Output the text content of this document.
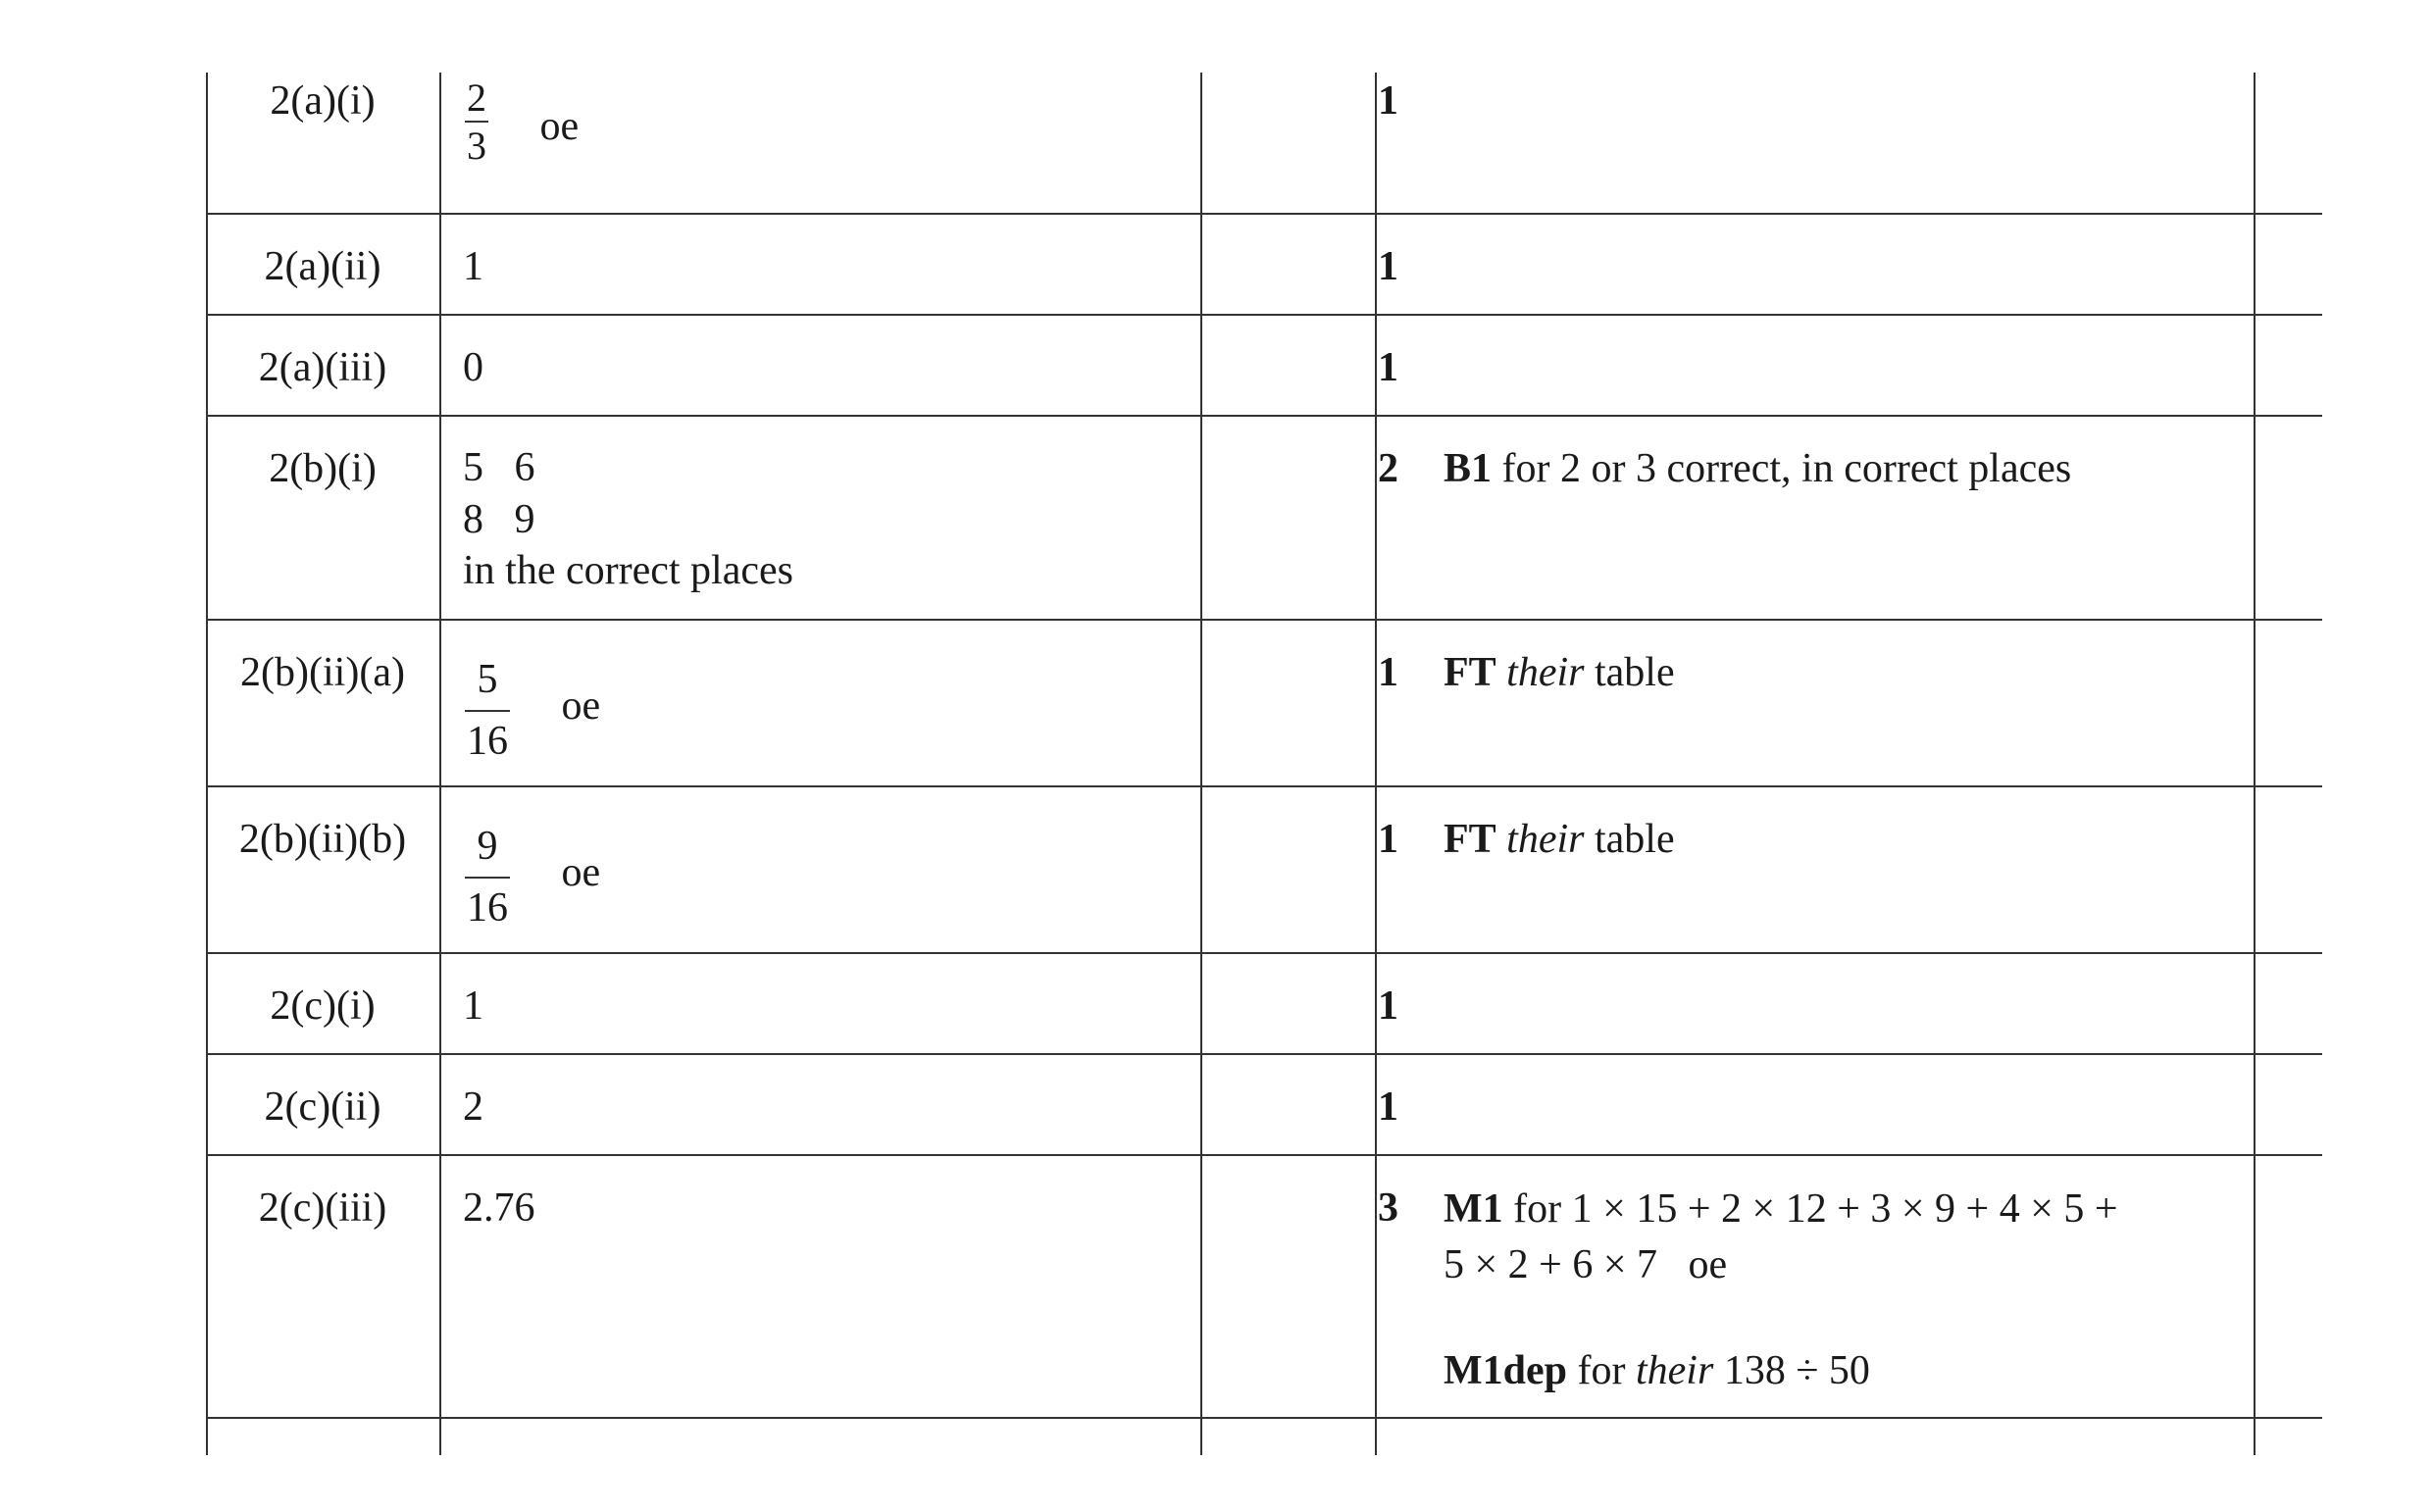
2(a)(i)	$\frac{2}{3}$ oe	1	
2(a)(ii)	1	1	
2(a)(iii)	0	1	
2(b)(i)	5   6
8   9
in the correct places	2	B1 for 2 or 3 correct, in correct places
2(b)(ii)(a)	$\frac{5}{16}$ oe	1	FT their table
2(b)(ii)(b)	$\frac{9}{16}$ oe	1	FT their table
2(c)(i)	1	1	
2(c)(ii)	2	1	
2(c)(iii)	2.76	3	M1 for 1 × 15 + 2 × 12 + 3 × 9 + 4 × 5 +
5 × 2 + 6 × 7   oe
M1dep for their 138 ÷ 50
